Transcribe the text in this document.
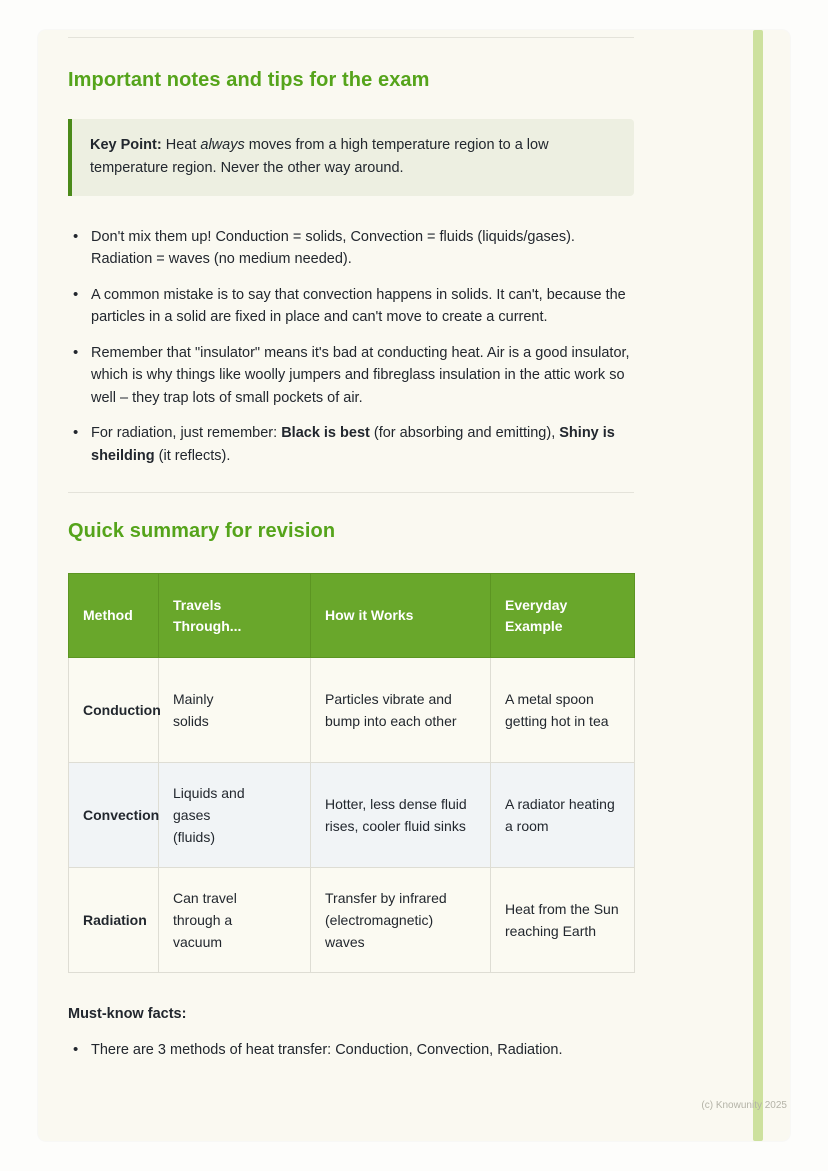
Important notes and tips for the exam
Key Point: Heat always moves from a high temperature region to a low temperature region. Never the other way around.
• Don't mix them up! Conduction = solids, Convection = fluids (liquids/gases). Radiation = waves (no medium needed).
• A common mistake is to say that convection happens in solids. It can't, because the particles in a solid are fixed in place and can't move to create a current.
• Remember that "insulator" means it's bad at conducting heat. Air is a good insulator, which is why things like woolly jumpers and fibreglass insulation in the attic work so well – they trap lots of small pockets of air.
• For radiation, just remember: Black is best (for absorbing and emitting), Shiny is sheilding (it reflects).
Quick summary for revision
Method	Travels Through...	How it Works	Everyday Example
Conduction	Mainly solids	Particles vibrate and bump into each other	A metal spoon getting hot in tea
Convection	Liquids and gases (fluids)	Hotter, less dense fluid rises, cooler fluid sinks	A radiator heating a room
Radiation	Can travel through a vacuum	Transfer by infrared (electromagnetic) waves	Heat from the Sun reaching Earth
Must-know facts:
• There are 3 methods of heat transfer: Conduction, Convection, Radiation.
(c) Knowunity 2025
